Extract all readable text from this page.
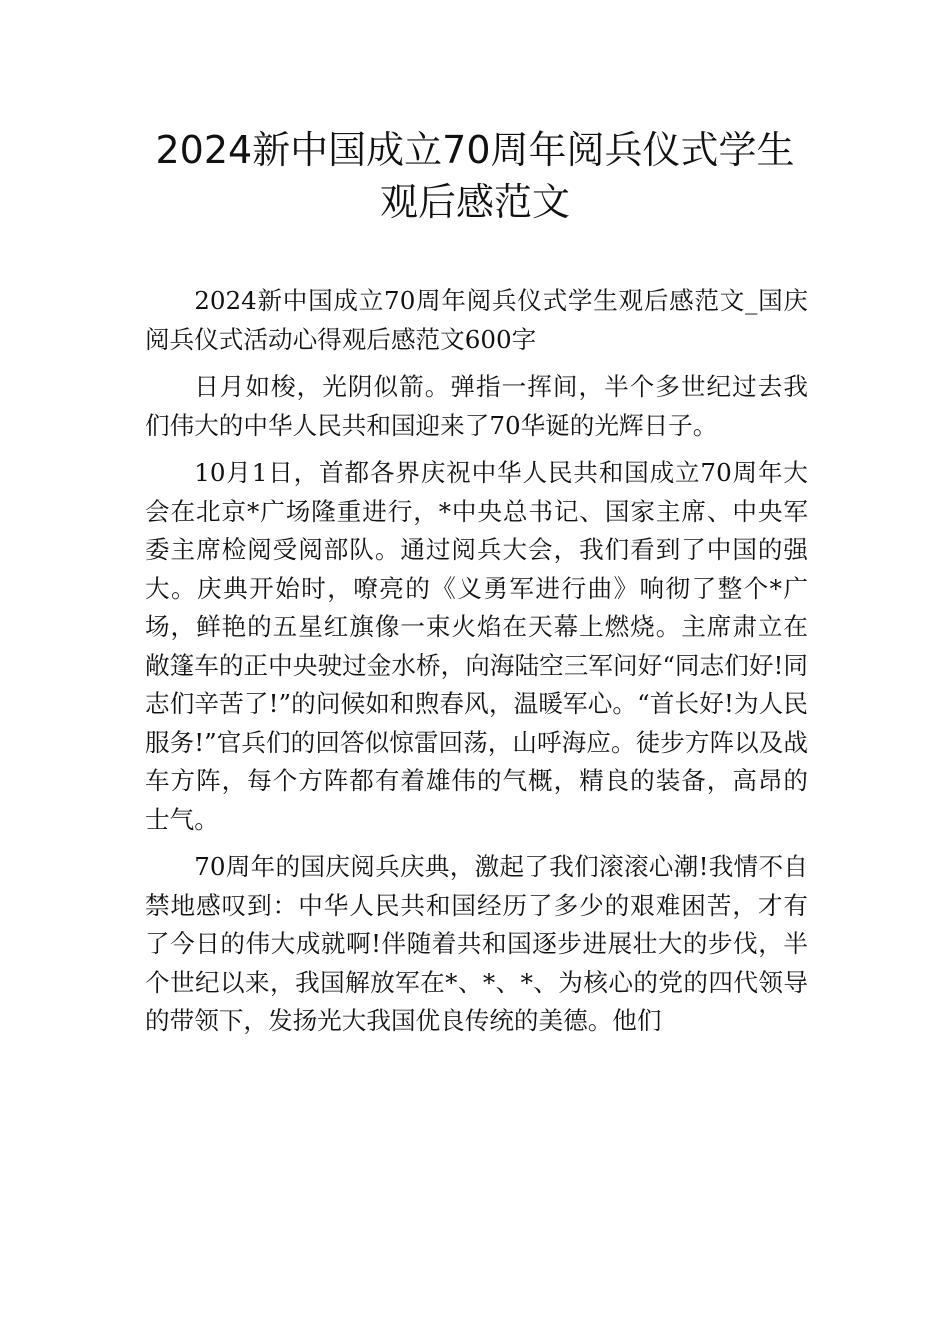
2024新中国成立70周年阅兵仪式学生
观后感范文

2024新中国成立70周年阅兵仪式学生观后感范文_国庆阅兵仪式活动心得观后感范文600字

日月如梭，光阴似箭。弹指一挥间，半个多世纪过去我们伟大的中华人民共和国迎来了70华诞的光辉日子。

10月1日，首都各界庆祝中华人民共和国成立70周年大会在北京*广场隆重进行，*中央总书记、国家主席、中央军委主席检阅受阅部队。通过阅兵大会，我们看到了中国的强大。庆典开始时，嘹亮的《义勇军进行曲》响彻了整个*广场，鲜艳的五星红旗像一束火焰在天幕上燃烧。主席肃立在敞篷车的正中央驶过金水桥，向海陆空三军问好“同志们好!同志们辛苦了!”的问候如和煦春风，温暖军心。“首长好!为人民服务!”官兵们的回答似惊雷回荡，山呼海应。徒步方阵以及战车方阵，每个方阵都有着雄伟的气概，精良的装备，高昂的士气。

70周年的国庆阅兵庆典，激起了我们滚滚心潮!我情不自禁地感叹到：中华人民共和国经历了多少的艰难困苦，才有了今日的伟大成就啊!伴随着共和国逐步进展壮大的步伐，半个世纪以来，我国解放军在*、*、*、为核心的党的四代领导的带领下，发扬光大我国优良传统的美德。他们
